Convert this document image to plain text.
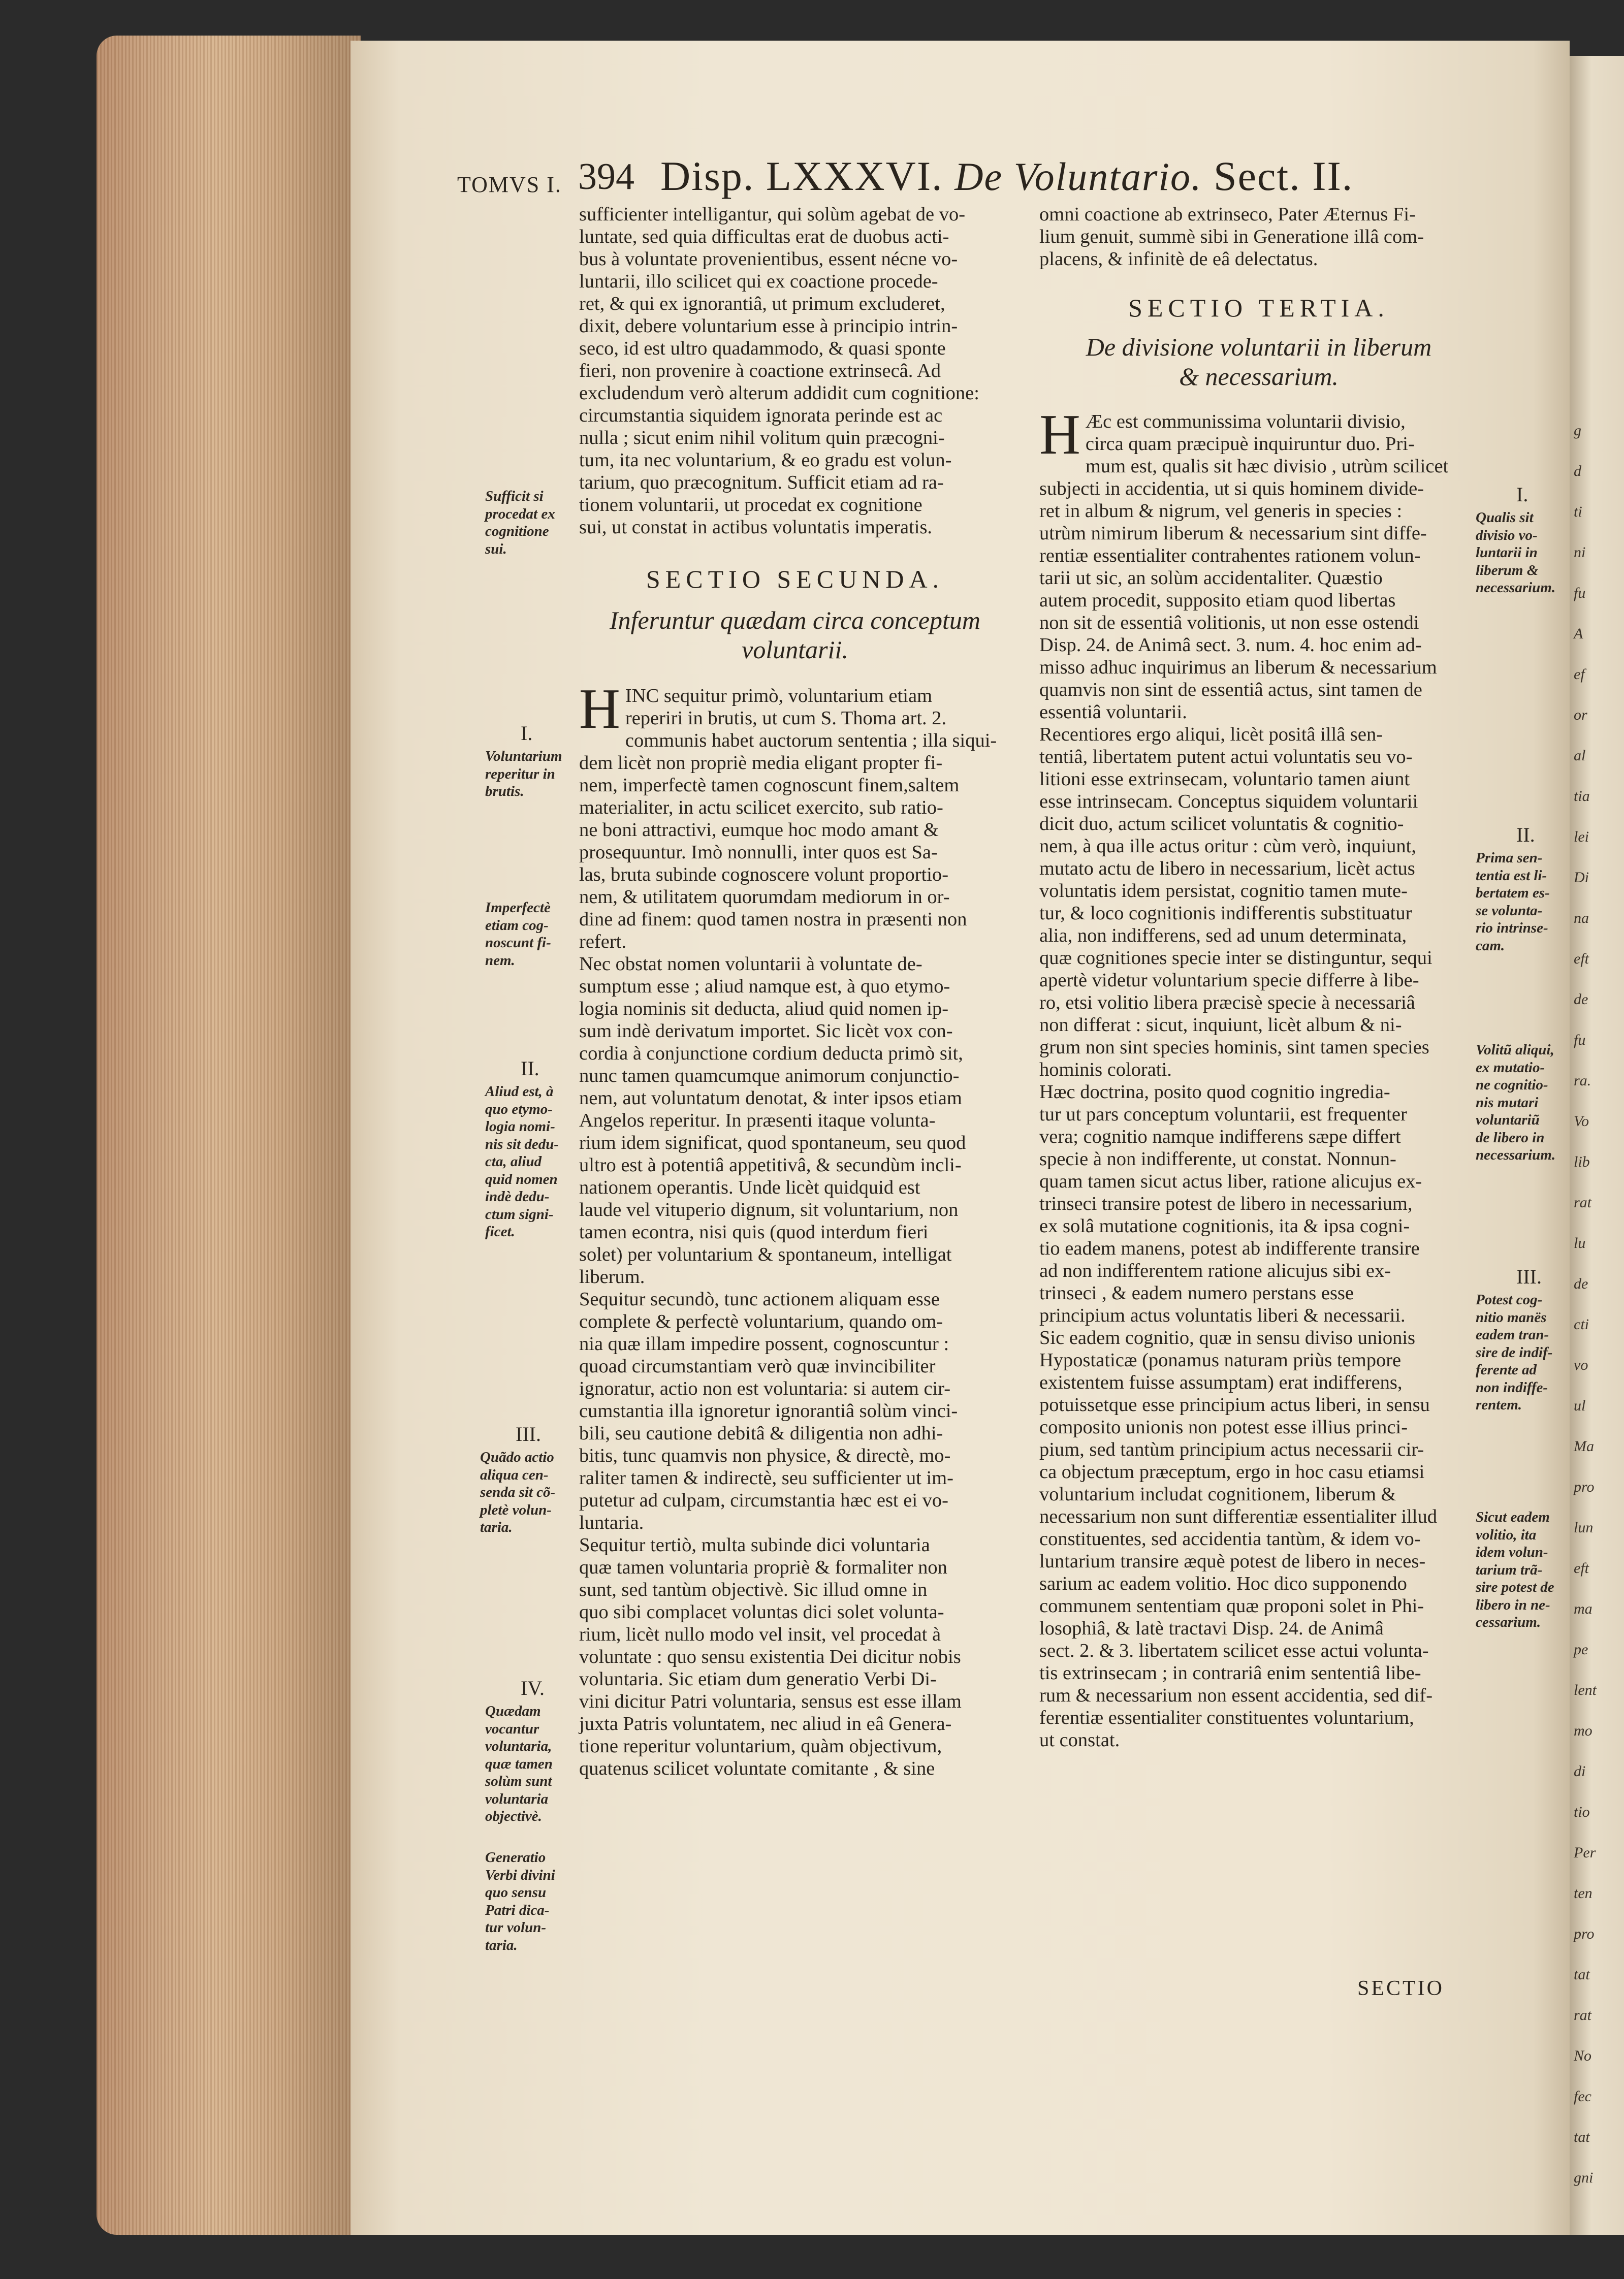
g
d
ti
ni
fu
A
ef
or
al
tia
lei
Di
na
eft
de
fu
ra.
Vo
lib
rat
lu
de
cti
vo
ul
Ma
pro
lun
eft
ma
pe
lent
mo
di
tio
Per
ten
pro
tat
rat
No
fec
tat
gni
TOMVS I. 394 Disp. LXXXVI. De Voluntario. Sect. II.
sufficienter intelligantur, qui solùm agebat de vo-
luntate, sed quia difficultas erat de duobus acti-
bus à voluntate provenientibus, essent nécne vo-
luntarii, illo scilicet qui ex coactione procede-
ret, & qui ex ignorantiâ, ut primum excluderet,
dixit, debere voluntarium esse à principio intrin-
seco, id est ultro quadammodo, & quasi sponte
fieri, non provenire à coactione extrinsecâ. Ad
excludendum verò alterum addidit cum cognitione:
circumstantia siquidem ignorata perinde est ac
nulla ; sicut enim nihil volitum quin præcogni-
tum, ita nec voluntarium, & eo gradu est volun-
tarium, quo præcognitum. Sufficit etiam ad ra-
tionem voluntarii, ut procedat ex cognitione
sui, ut constat in actibus voluntatis imperatis.

SECTIO SECUNDA.

Inferuntur quædam circa conceptum

voluntarii.

H INC sequitur primò, voluntarium etiam
reperiri in brutis, ut cum S. Thoma art. 2.
communis habet auctorum sententia ; illa siqui-
dem licèt non propriè media eligant propter fi-
nem, imperfectè tamen cognoscunt finem,saltem
materialiter, in actu scilicet exercito, sub ratio-
ne boni attractivi, eumque hoc modo amant &
prosequuntur. Imò nonnulli, inter quos est Sa-
las, bruta subinde cognoscere volunt proportio-
nem, & utilitatem quorumdam mediorum in or-
dine ad finem: quod tamen nostra in præsenti non
refert.
Nec obstat nomen voluntarii à voluntate de-
sumptum esse ; aliud namque est, à quo etymo-
logia nominis sit deducta, aliud quid nomen ip-
sum indè derivatum importet. Sic licèt vox con-
cordia à conjunctione cordium deducta primò sit,
nunc tamen quamcumque animorum conjunctio-
nem, aut voluntatum denotat, & inter ipsos etiam
Angelos reperitur. In præsenti itaque volunta-
rium idem significat, quod spontaneum, seu quod
ultro est à potentiâ appetitivâ, & secundùm incli-
nationem operantis. Unde licèt quidquid est
laude vel vituperio dignum, sit voluntarium, non
tamen econtra, nisi quis (quod interdum fieri
solet) per voluntarium & spontaneum, intelligat
liberum.
Sequitur secundò, tunc actionem aliquam esse
complete & perfectè voluntarium, quando om-
nia quæ illam impedire possent, cognoscuntur :
quoad circumstantiam verò quæ invincibiliter
ignoratur, actio non est voluntaria: si autem cir-
cumstantia illa ignoretur ignorantiâ solùm vinci-
bili, seu cautione debitâ & diligentia non adhi-
bitis, tunc quamvis non physice, & directè, mo-
raliter tamen & indirectè, seu sufficienter ut im-
putetur ad culpam, circumstantia hæc est ei vo-
luntaria.
Sequitur tertiò, multa subinde dici voluntaria
quæ tamen voluntaria propriè & formaliter non
sunt, sed tantùm objectivè. Sic illud omne in
quo sibi complacet voluntas dici solet volunta-
rium, licèt nullo modo vel insit, vel procedat à
voluntate : quo sensu existentia Dei dicitur nobis
voluntaria. Sic etiam dum generatio Verbi Di-
vini dicitur Patri voluntaria, sensus est esse illam
juxta Patris voluntatem, nec aliud in eâ Genera-
tione reperitur voluntarium, quàm objectivum,
quatenus scilicet voluntate comitante , & sine
omni coactione ab extrinseco, Pater Æternus Fi-
lium genuit, summè sibi in Generatione illâ com-
placens, & infinitè de eâ delectatus.

SECTIO TERTIA.

De divisione voluntarii in liberum

& necessarium.

H Æc est communissima voluntarii divisio,
circa quam præcipuè inquiruntur duo. Pri-
mum est, qualis sit hæc divisio , utrùm scilicet
subjecti in accidentia, ut si quis hominem divide-
ret in album & nigrum, vel generis in species :
utrùm nimirum liberum & necessarium sint diffe-
rentiæ essentialiter contrahentes rationem volun-
tarii ut sic, an solùm accidentaliter. Quæstio
autem procedit, supposito etiam quod libertas
non sit de essentiâ volitionis, ut non esse ostendi
Disp. 24. de Animâ sect. 3. num. 4. hoc enim ad-
misso adhuc inquirimus an liberum & necessarium
quamvis non sint de essentiâ actus, sint tamen de
essentiâ voluntarii.
Recentiores ergo aliqui, licèt positâ illâ sen-
tentiâ, libertatem putent actui voluntatis seu vo-
litioni esse extrinsecam, voluntario tamen aiunt
esse intrinsecam. Conceptus siquidem voluntarii
dicit duo, actum scilicet voluntatis & cognitio-
nem, à qua ille actus oritur : cùm verò, inquiunt,
mutato actu de libero in necessarium, licèt actus
voluntatis idem persistat, cognitio tamen mute-
tur, & loco cognitionis indifferentis substituatur
alia, non indifferens, sed ad unum determinata,
quæ cognitiones specie inter se distinguntur, sequi
apertè videtur voluntarium specie differre à libe-
ro, etsi volitio libera præcisè specie à necessariâ
non differat : sicut, inquiunt, licèt album & ni-
grum non sint species hominis, sint tamen species
hominis colorati.
Hæc doctrina, posito quod cognitio ingredia-
tur ut pars conceptum voluntarii, est frequenter
vera; cognitio namque indifferens sæpe differt
specie à non indifferente, ut constat. Nonnun-
quam tamen sicut actus liber, ratione alicujus ex-
trinseci transire potest de libero in necessarium,
ex solâ mutatione cognitionis, ita & ipsa cogni-
tio eadem manens, potest ab indifferente transire
ad non indifferentem ratione alicujus sibi ex-
trinseci , & eadem numero perstans esse
principium actus voluntatis liberi & necessarii.
Sic eadem cognitio, quæ in sensu diviso unionis
Hypostaticæ (ponamus naturam priùs tempore
existentem fuisse assumptam) erat indifferens,
potuissetque esse principium actus liberi, in sensu
composito unionis non potest esse illius princi-
pium, sed tantùm principium actus necessarii cir-
ca objectum præceptum, ergo in hoc casu etiamsi
voluntarium includat cognitionem, liberum &
necessarium non sunt differentiæ essentialiter illud
constituentes, sed accidentia tantùm, & idem vo-
luntarium transire æquè potest de libero in neces-
sarium ac eadem volitio. Hoc dico supponendo
communem sententiam quæ proponi solet in Phi-
losophiâ, & latè tractavi Disp. 24. de Animâ
sect. 2. & 3. libertatem scilicet esse actui volunta-
tis extrinsecam ; in contrariâ enim sententiâ libe-
rum & necessarium non essent accidentia, sed dif-
ferentiæ essentialiter constituentes voluntarium,
ut constat.
SECTIO
Sufficit si
procedat ex
cognitione
sui.
I.
Voluntarium
reperitur in
brutis.
Imperfectè
etiam cog-
noscunt fi-
nem.
II.
Aliud est, à
quo etymo-
logia nomi-
nis sit dedu-
cta, aliud
quid nomen
indè dedu-
ctum signi-
ficet.
III.
Quãdo actio
aliqua cen-
senda sit cõ-
pletè volun-
taria.
IV.
Quædam
vocantur
voluntaria,
quæ tamen
solùm sunt
voluntaria
objectivè.
Generatio
Verbi divini
quo sensu
Patri dica-
tur volun-
taria.
I.
Qualis sit
divisio vo-
luntarii in
liberum &
necessarium.
II.
Prima sen-
tentia est li-
bertatem es-
se volunta-
rio intrinse-
cam.
Volitũ aliqui,
ex mutatio-
ne cognitio-
nis mutari
voluntariũ
de libero in
necessarium.
III.
Potest cog-
nitio manës
eadem tran-
sire de indif-
ferente ad
non indiffe-
rentem.
Sicut eadem
volitio, ita
idem volun-
tarium trã-
sire potest de
libero in ne-
cessarium.
